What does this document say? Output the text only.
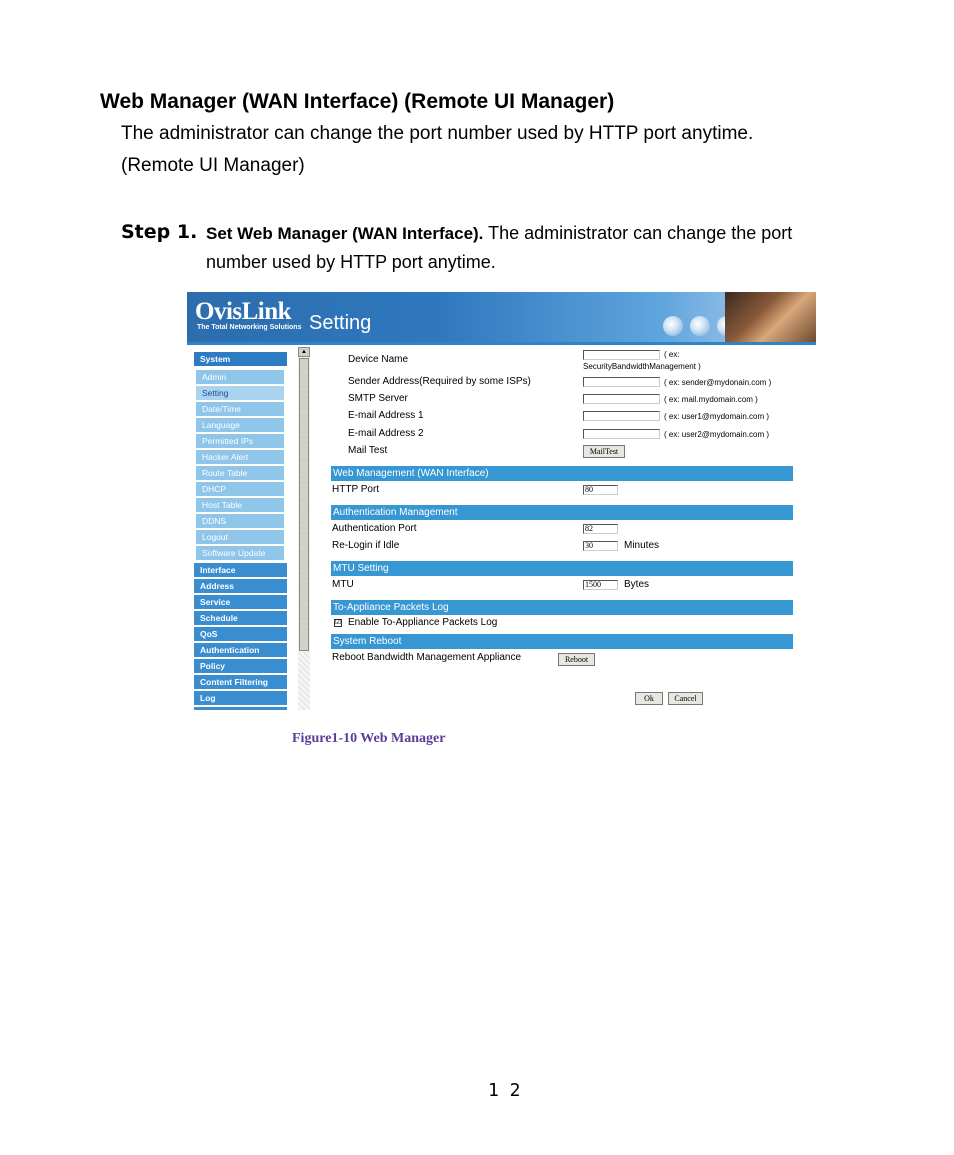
Web Manager (WAN Interface) (Remote UI Manager)
The administrator can change the port number used by HTTP port anytime.
(Remote UI Manager)
Step 1. Set Web Manager (WAN Interface). The administrator can change the port
number used by HTTP port anytime.
OvisLink
The Total Networking Solutions Setting
System
Admin
Setting
Date/Time
Language
Permitted IPs
Hacker Alert
Route Table
DHCP
Host Table
DDNS
Logout
Software Update
Interface
Address
Service
Schedule
QoS
Authentication
Policy
Content Filtering
Log
▲
Device Name	( ex:
SecurityBandwidthManagement )
Sender Address(Required by some ISPs)	( ex: sender@mydonain.com )
SMTP Server	( ex: mail.mydomain.com )
E-mail Address 1	( ex: user1@mydomain.com )
E-mail Address 2	( ex: user2@mydomain.com )
Mail Test	MailTest
Web Management (WAN Interface)
HTTP Port	80
Authentication Management
Authentication Port	82
Re-Login if Idle	30	Minutes
MTU Setting
MTU	1500	Bytes
To-Appliance Packets Log
☑ Enable To-Appliance Packets Log
System Reboot
Reboot Bandwidth Management Appliance	Reboot
Ok	Cancel
Figure1-10 Web Manager
1 2
